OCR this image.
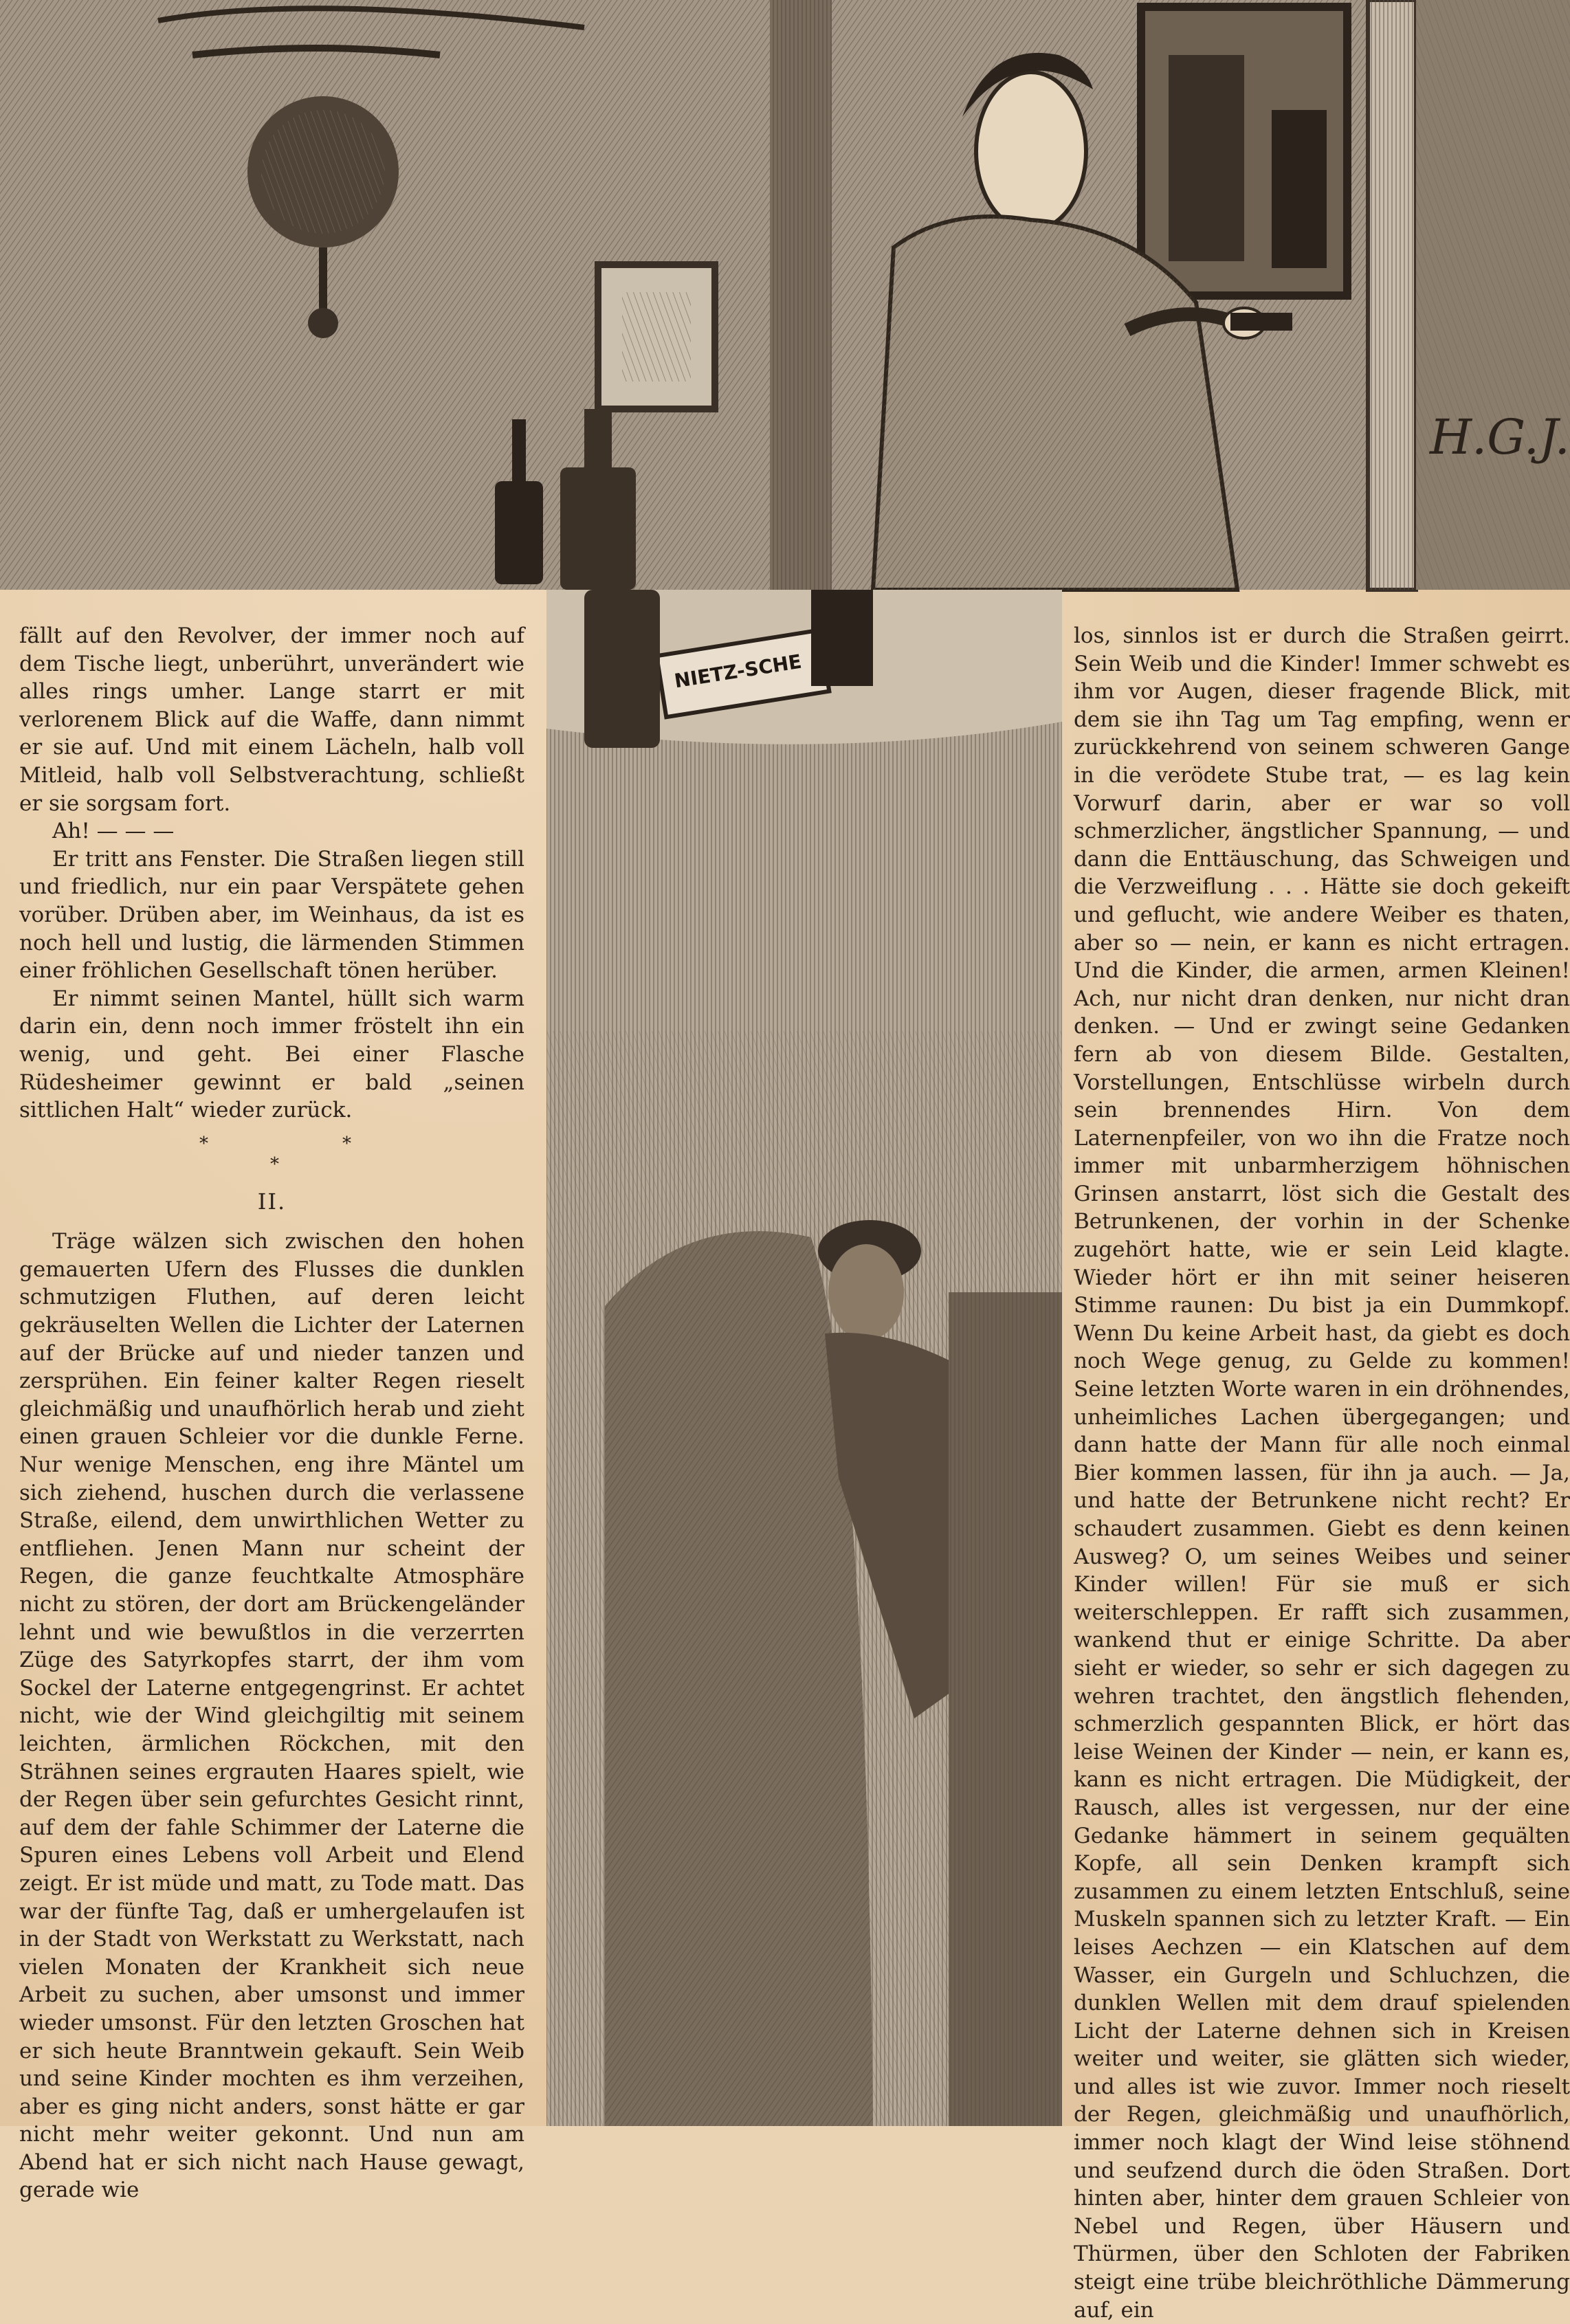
H.G.J.
NIETZ-SCHE

fällt auf den Revolver, der immer noch auf dem Tische liegt, unberührt, unverändert wie alles rings umher. Lange starrt er mit verlorenem Blick auf die Waffe, dann nimmt er sie auf. Und mit einem Lächeln, halb voll Mitleid, halb voll Selbstverachtung, schließt er sie sorgsam fort.

Ah! — — —

Er tritt ans Fenster. Die Straßen liegen still und friedlich, nur ein paar Verspätete gehen vorüber. Drüben aber, im Weinhaus, da ist es noch hell und lustig, die lärmenden Stimmen einer fröhlichen Gesellschaft tönen herüber.

Er nimmt seinen Mantel, hüllt sich warm darin ein, denn noch immer fröstelt ihn ein wenig, und geht. Bei einer Flasche Rüdesheimer gewinnt er bald „seinen sittlichen Halt“ wieder zurück.

*
*
*
II.

Träge wälzen sich zwischen den hohen gemauerten Ufern des Flusses die dunklen schmutzigen Fluthen, auf deren leicht gekräuselten Wellen die Lichter der Laternen auf der Brücke auf und nieder tanzen und zersprühen. Ein feiner kalter Regen rieselt gleichmäßig und unaufhörlich herab und zieht einen grauen Schleier vor die dunkle Ferne. Nur wenige Menschen, eng ihre Mäntel um sich ziehend, huschen durch die verlassene Straße, eilend, dem unwirthlichen Wetter zu entfliehen. Jenen Mann nur scheint der Regen, die ganze feuchtkalte Atmosphäre nicht zu stören, der dort am Brückengeländer lehnt und wie bewußtlos in die verzerrten Züge des Satyrkopfes starrt, der ihm vom Sockel der Laterne entgegengrinst. Er achtet nicht, wie der Wind gleichgiltig mit seinem leichten, ärmlichen Röckchen, mit den Strähnen seines ergrauten Haares spielt, wie der Regen über sein gefurchtes Gesicht rinnt, auf dem der fahle Schimmer der Laterne die Spuren eines Lebens voll Arbeit und Elend zeigt. Er ist müde und matt, zu Tode matt. Das war der fünfte Tag, daß er umhergelaufen ist in der Stadt von Werkstatt zu Werkstatt, nach vielen Monaten der Krankheit sich neue Arbeit zu suchen, aber umsonst und immer wieder umsonst. Für den letzten Groschen hat er sich heute Branntwein gekauft. Sein Weib und seine Kinder mochten es ihm verzeihen, aber es ging nicht anders, sonst hätte er gar nicht mehr weiter gekonnt. Und nun am Abend hat er sich nicht nach Hause gewagt, gerade wie

los, sinnlos ist er durch die Straßen geirrt. Sein Weib und die Kinder! Immer schwebt es ihm vor Augen, dieser fragende Blick, mit dem sie ihn Tag um Tag empfing, wenn er zurückkehrend von seinem schweren Gange in die verödete Stube trat, — es lag kein Vorwurf darin, aber er war so voll schmerzlicher, ängstlicher Spannung, — und dann die Enttäuschung, das Schweigen und die Verzweiflung . . . Hätte sie doch gekeift und geflucht, wie andere Weiber es thaten, aber so — nein, er kann es nicht ertragen. Und die Kinder, die armen, armen Kleinen! Ach, nur nicht dran denken, nur nicht dran denken. — Und er zwingt seine Gedanken fern ab von diesem Bilde. Gestalten, Vorstellungen, Entschlüsse wirbeln durch sein brennendes Hirn. Von dem Laternenpfeiler, von wo ihn die Fratze noch immer mit unbarmherzigem höhnischen Grinsen anstarrt, löst sich die Gestalt des Betrunkenen, der vorhin in der Schenke zugehört hatte, wie er sein Leid klagte. Wieder hört er ihn mit seiner heiseren Stimme raunen: Du bist ja ein Dummkopf. Wenn Du keine Arbeit hast, da giebt es doch noch Wege genug, zu Gelde zu kommen! Seine letzten Worte waren in ein dröhnendes, unheimliches Lachen übergegangen; und dann hatte der Mann für alle noch einmal Bier kommen lassen, für ihn ja auch. — Ja, und hatte der Betrunkene nicht recht? Er schaudert zusammen. Giebt es denn keinen Ausweg? O, um seines Weibes und seiner Kinder willen! Für sie muß er sich weiterschleppen. Er rafft sich zusammen, wankend thut er einige Schritte. Da aber sieht er wieder, so sehr er sich dagegen zu wehren trachtet, den ängstlich flehenden, schmerzlich gespannten Blick, er hört das leise Weinen der Kinder — nein, er kann es, kann es nicht ertragen. Die Müdigkeit, der Rausch, alles ist vergessen, nur der eine Gedanke hämmert in seinem gequälten Kopfe, all sein Denken krampft sich zusammen zu einem letzten Entschluß, seine Muskeln spannen sich zu letzter Kraft. — Ein leises Aechzen — ein Klatschen auf dem Wasser, ein Gurgeln und Schluchzen, die dunklen Wellen mit dem drauf spielenden Licht der Laterne dehnen sich in Kreisen weiter und weiter, sie glätten sich wieder, und alles ist wie zuvor. Immer noch rieselt der Regen, gleichmäßig und unaufhörlich, immer noch klagt der Wind leise stöhnend und seufzend durch die öden Straßen. Dort hinten aber, hinter dem grauen Schleier von Nebel und Regen, über Häusern und Thürmen, über den Schloten der Fabriken steigt eine trübe bleichröthliche Dämmerung auf, ein
